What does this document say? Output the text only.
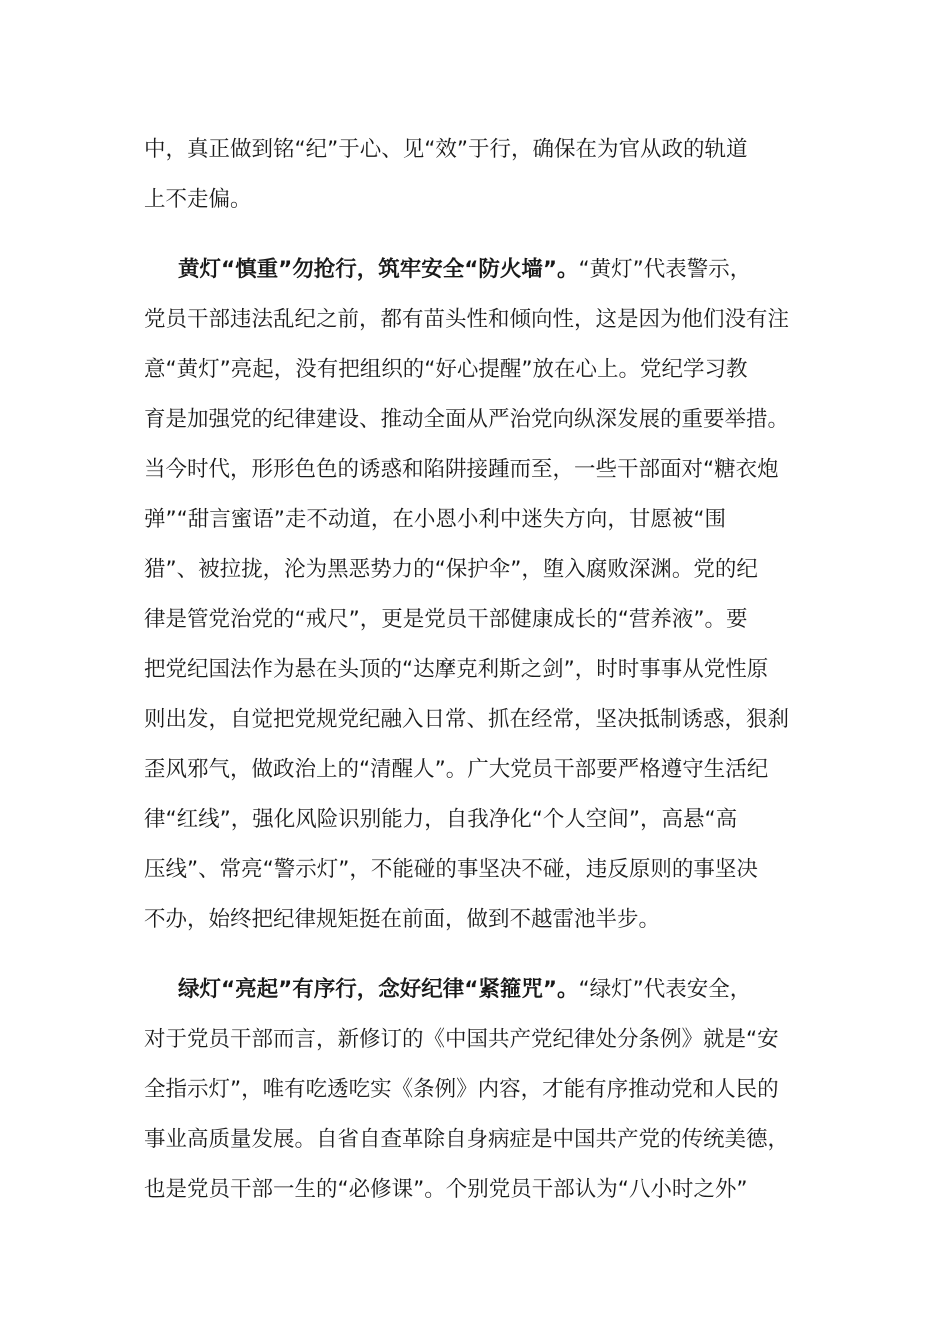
中，真正做到铭“纪”于心、见“效”于行，确保在为官从政的轨道
上不走偏。
黄灯“慎重”勿抢行，筑牢安全“防火墙”。“黄灯”代表警示，
党员干部违法乱纪之前，都有苗头性和倾向性，这是因为他们没有注
意“黄灯”亮起，没有把组织的“好心提醒”放在心上。党纪学习教
育是加强党的纪律建设、推动全面从严治党向纵深发展的重要举措。
当今时代，形形色色的诱惑和陷阱接踵而至，一些干部面对“糖衣炮
弹”“甜言蜜语”走不动道，在小恩小利中迷失方向，甘愿被“围
猎”、被拉拢，沦为黑恶势力的“保护伞”，堕入腐败深渊。党的纪
律是管党治党的“戒尺”，更是党员干部健康成长的“营养液”。要
把党纪国法作为悬在头顶的“达摩克利斯之剑”，时时事事从党性原
则出发，自觉把党规党纪融入日常、抓在经常，坚决抵制诱惑，狠刹
歪风邪气，做政治上的“清醒人”。广大党员干部要严格遵守生活纪
律“红线”，强化风险识别能力，自我净化“个人空间”，高悬“高
压线”、常亮“警示灯”，不能碰的事坚决不碰，违反原则的事坚决
不办，始终把纪律规矩挺在前面，做到不越雷池半步。
绿灯“亮起”有序行，念好纪律“紧箍咒”。“绿灯”代表安全，
对于党员干部而言，新修订的《中国共产党纪律处分条例》就是“安
全指示灯”，唯有吃透吃实《条例》内容，才能有序推动党和人民的
事业高质量发展。自省自查革除自身病症是中国共产党的传统美德，
也是党员干部一生的“必修课”。个别党员干部认为“八小时之外”
